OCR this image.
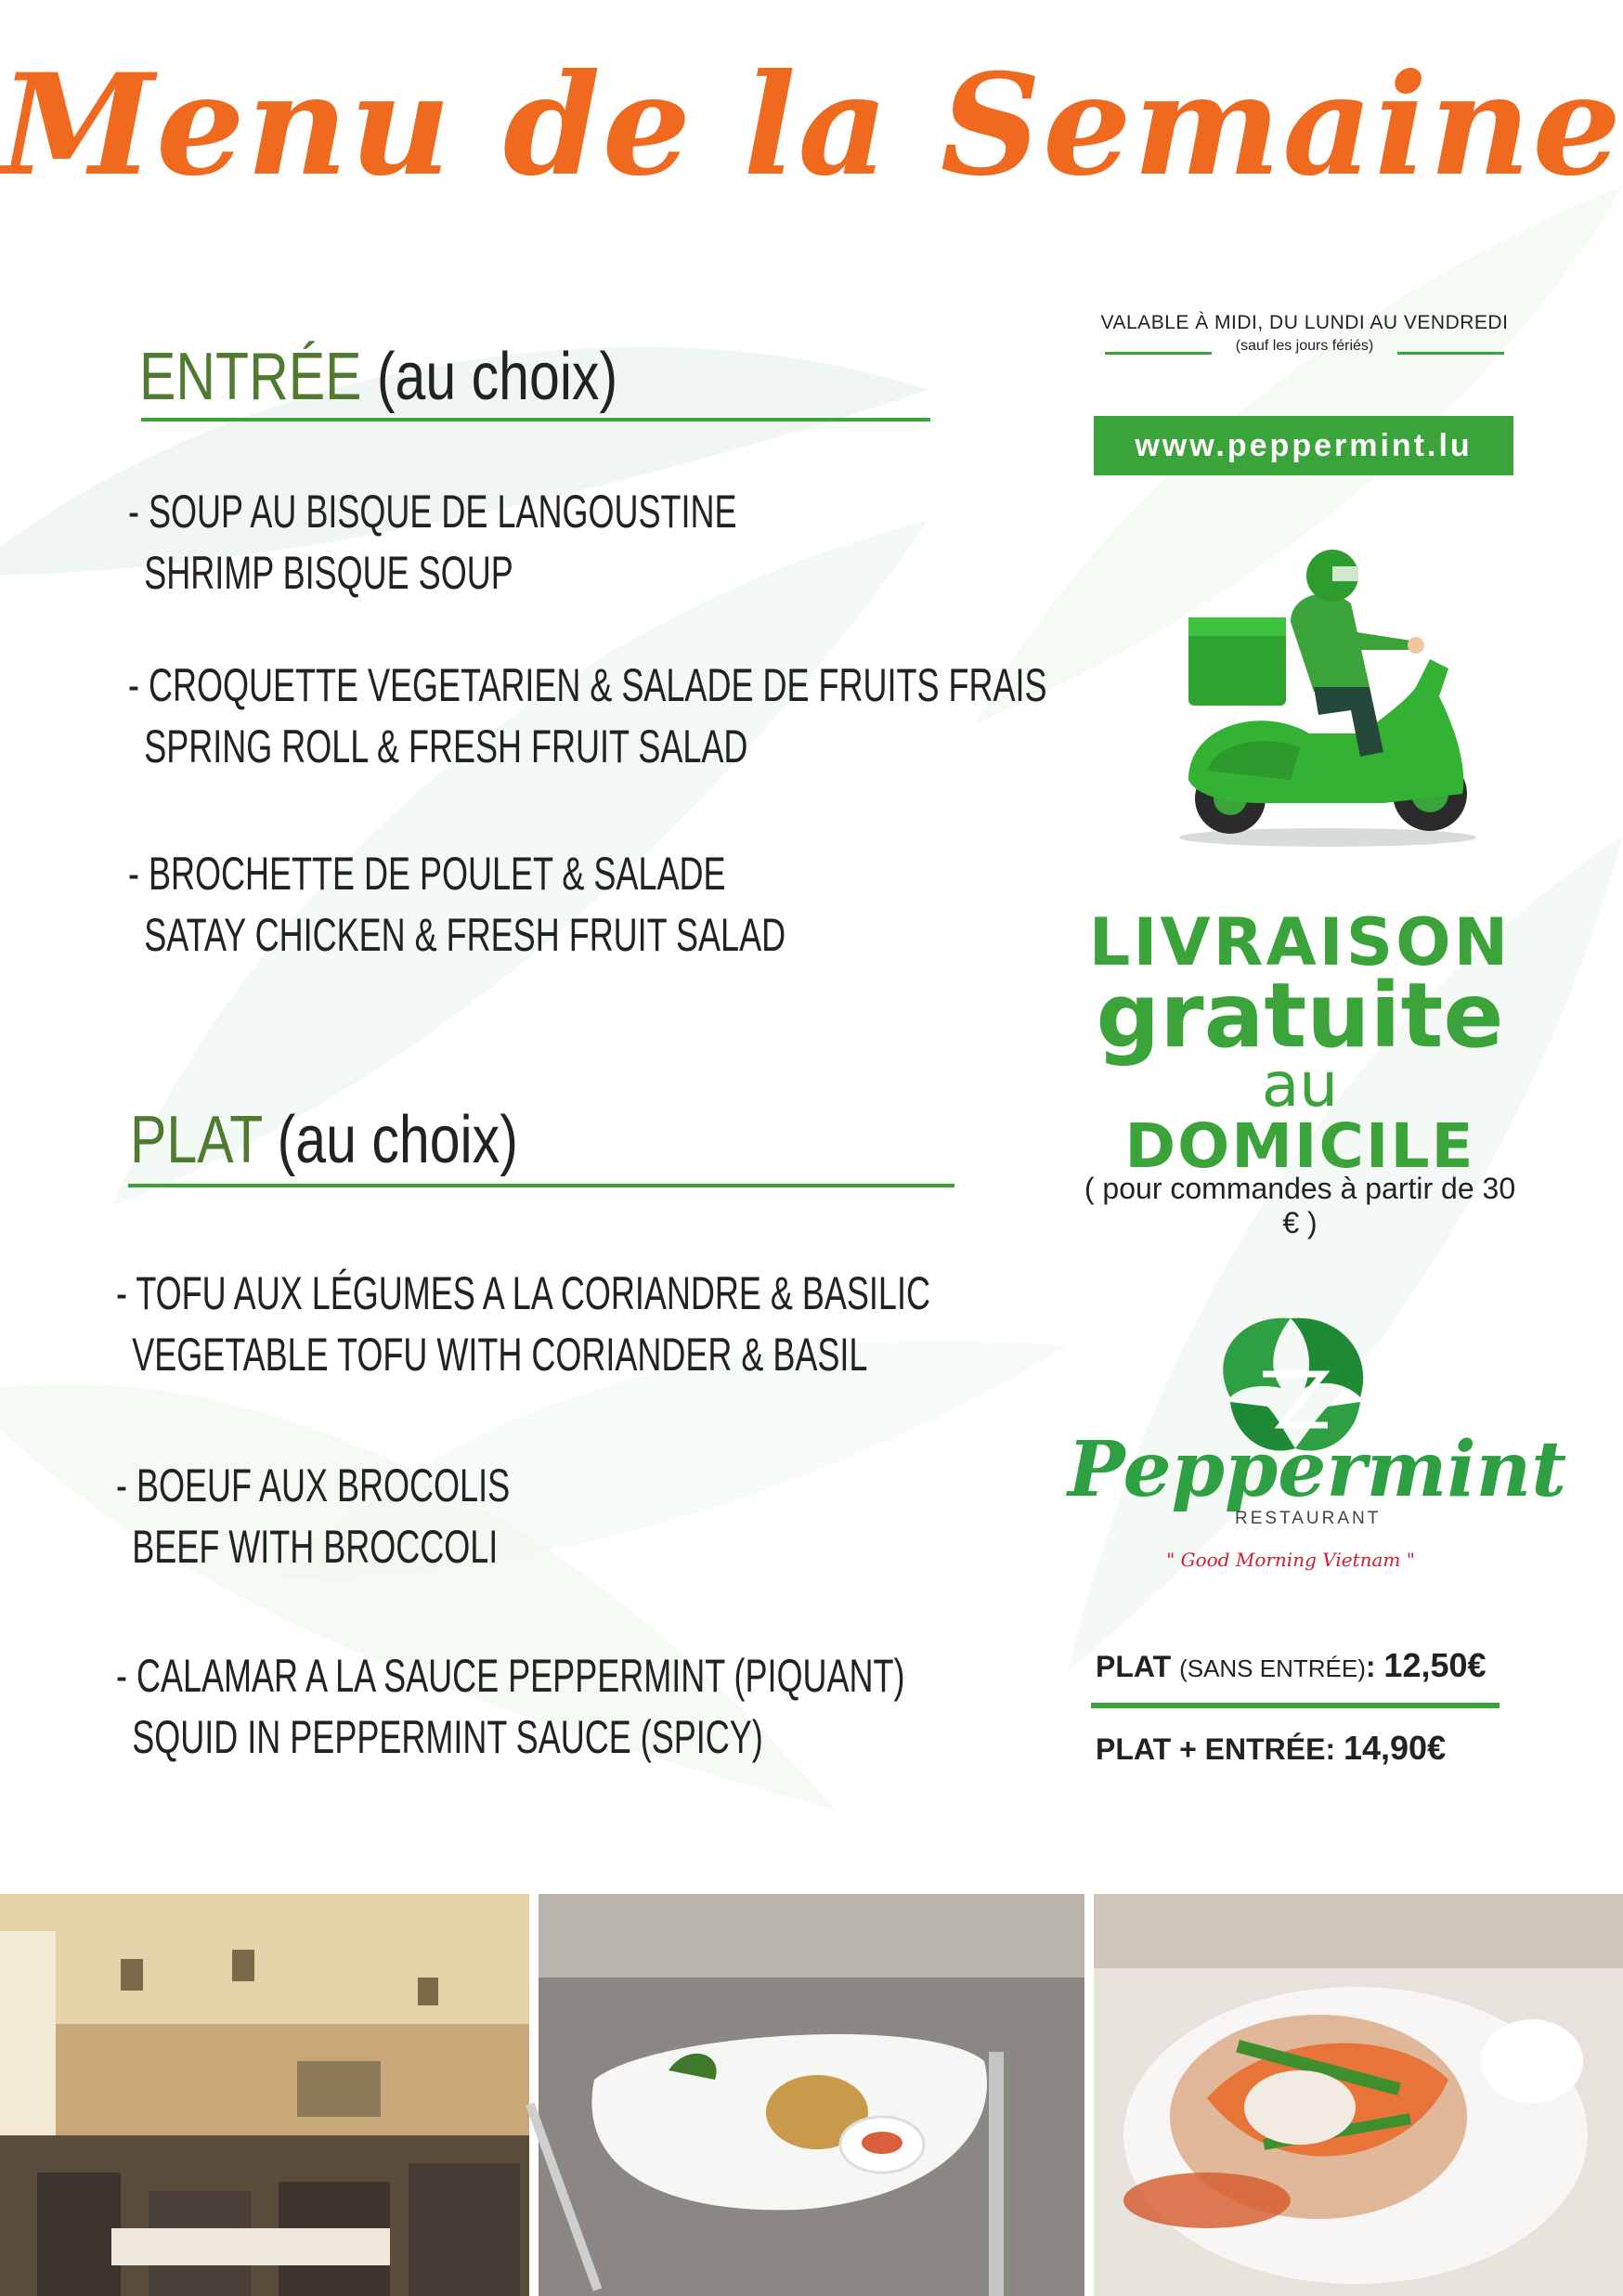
Menu de la Semaine
ENTRÉE (au choix)
- SOUP AU BISQUE DE LANGOUSTINE
SHRIMP BISQUE SOUP
- CROQUETTE VEGETARIEN & SALADE DE FRUITS FRAIS
SPRING ROLL & FRESH FRUIT SALAD
- BROCHETTE DE POULET & SALADE
SATAY CHICKEN & FRESH FRUIT SALAD
PLAT (au choix)
- TOFU AUX LÉGUMES A LA CORIANDRE & BASILIC
VEGETABLE TOFU WITH CORIANDER & BASIL
- BOEUF AUX BROCOLIS
BEEF WITH BROCCOLI
- CALAMAR A LA SAUCE PEPPERMINT (PIQUANT)
SQUID IN PEPPERMINT SAUCE (SPICY)
VALABLE À MIDI, DU LUNDI AU VENDREDI
(sauf les jours fériés)
www.peppermint.lu
LIVRAISON
gratuite
au DOMICILE
( pour commandes à partir de 30 € )
Peppermint
RESTAURANT
" Good Morning Vietnam "
PLAT (SANS ENTRÉE): 12,50€
PLAT + ENTRÉE: 14,90€
